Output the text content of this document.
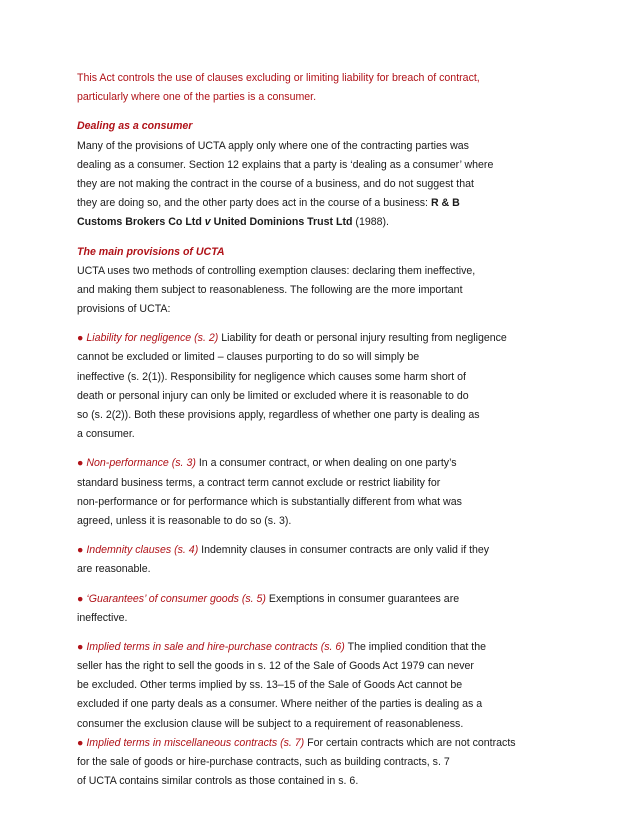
This Act controls the use of clauses excluding or limiting liability for breach of contract,
particularly where one of the parties is a consumer.
Dealing as a consumer
Many of the provisions of UCTA apply only where one of the contracting parties was
dealing as a consumer. Section 12 explains that a party is ‘dealing as a consumer’ where
they are not making the contract in the course of a business, and do not suggest that
they are doing so, and the other party does act in the course of a business: R & B
Customs Brokers Co Ltd v United Dominions Trust Ltd (1988).
The main provisions of UCTA
UCTA uses two methods of controlling exemption clauses: declaring them ineffective,
and making them subject to reasonableness. The following are the more important
provisions of UCTA:
● Liability for negligence (s. 2) Liability for death or personal injury resulting from negligence
cannot be excluded or limited – clauses purporting to do so will simply be
ineffective (s. 2(1)). Responsibility for negligence which causes some harm short of
death or personal injury can only be limited or excluded where it is reasonable to do
so (s. 2(2)). Both these provisions apply, regardless of whether one party is dealing as
a consumer.
● Non-performance (s. 3) In a consumer contract, or when dealing on one party’s
standard business terms, a contract term cannot exclude or restrict liability for
non-performance or for performance which is substantially different from what was
agreed, unless it is reasonable to do so (s. 3).
● Indemnity clauses (s. 4) Indemnity clauses in consumer contracts are only valid if they
are reasonable.
● ‘Guarantees’ of consumer goods (s. 5) Exemptions in consumer guarantees are
ineffective.
● Implied terms in sale and hire-purchase contracts (s. 6) The implied condition that the
seller has the right to sell the goods in s. 12 of the Sale of Goods Act 1979 can never
be excluded. Other terms implied by ss. 13–15 of the Sale of Goods Act cannot be
excluded if one party deals as a consumer. Where neither of the parties is dealing as a
consumer the exclusion clause will be subject to a requirement of reasonableness.
● Implied terms in miscellaneous contracts (s. 7) For certain contracts which are not contracts
for the sale of goods or hire-purchase contracts, such as building contracts, s. 7
of UCTA contains similar controls as those contained in s. 6.
